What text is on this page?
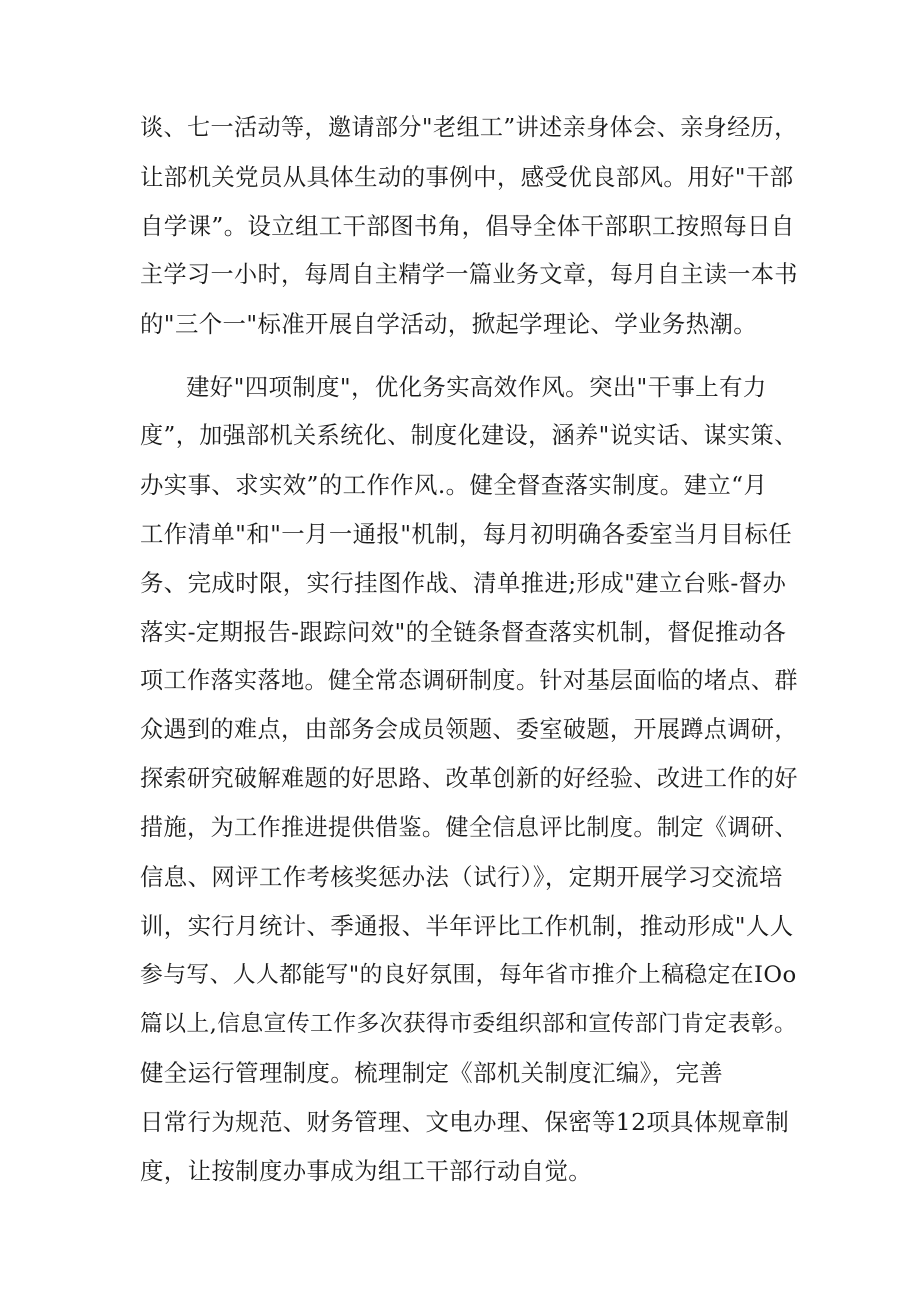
谈、七一活动等，邀请部分"老组工”讲述亲身体会、亲身经历，
让部机关党员从具体生动的事例中，感受优良部风。用好"干部
自学课”。设立组工干部图书角，倡导全体干部职工按照每日自
主学习一小时，每周自主精学一篇业务文章，每月自主读一本书
的"三个一"标准开展自学活动，掀起学理论、学业务热潮。
建好"四项制度"，优化务实高效作风。突出"干事上有力
度”，加强部机关系统化、制度化建设，涵养"说实话、谋实策、
办实事、求实效”的工作作风.。健全督查落实制度。建立“月
工作清单"和"一月一通报"机制，每月初明确各委室当月目标任
务、完成时限，实行挂图作战、清单推进;形成"建立台账-督办
落实-定期报告-跟踪问效"的全链条督查落实机制，督促推动各
项工作落实落地。健全常态调研制度。针对基层面临的堵点、群
众遇到的难点，由部务会成员领题、委室破题，开展蹲点调研，
探索研究破解难题的好思路、改革创新的好经验、改进工作的好
措施，为工作推进提供借鉴。健全信息评比制度。制定《调研、
信息、网评工作考核奖惩办法（试行）》，定期开展学习交流培
训，实行月统计、季通报、半年评比工作机制，推动形成"人人
参与写、人人都能写"的良好氛围，每年省市推介上稿稳定在IOo
篇以上,信息宣传工作多次获得市委组织部和宣传部门肯定表彰。
健全运行管理制度。梳理制定《部机关制度汇编》，完善
日常行为规范、财务管理、文电办理、保密等12项具体规章制
度，让按制度办事成为组工干部行动自觉。
